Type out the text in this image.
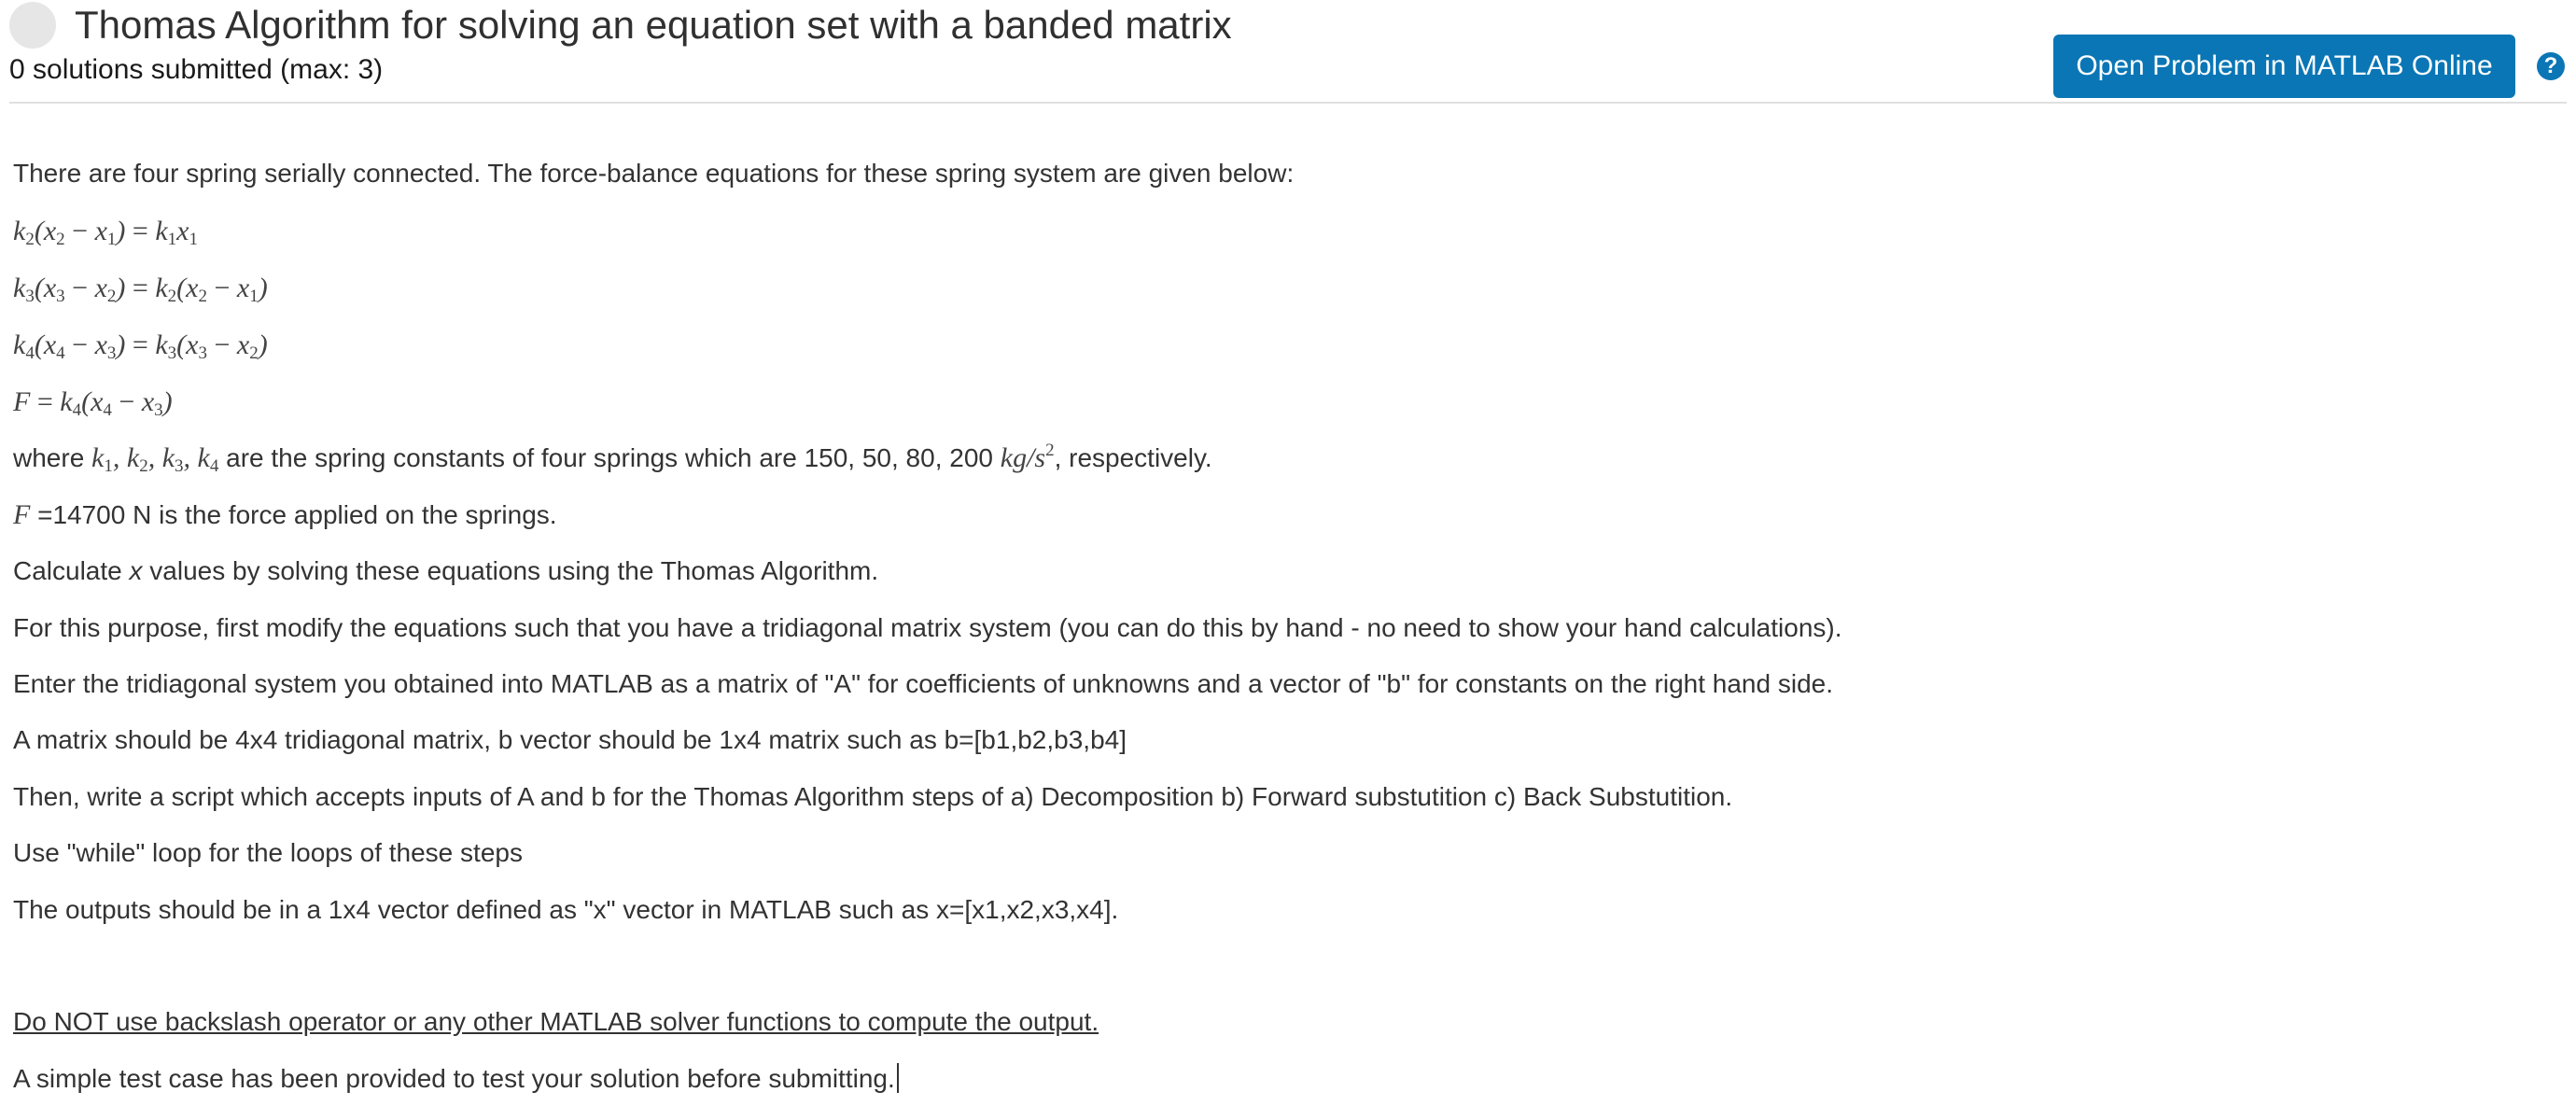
Thomas Algorithm for solving an equation set with a banded matrix
0 solutions submitted (max: 3)	Open Problem in MATLAB Online	?
There are four spring serially connected. The force-balance equations for these spring system are given below:
$k_2(x_2 - x_1) = k_1x_1$
$k_3(x_3 - x_2) = k_2(x_2 - x_1)$
$k_4(x_4 - x_3) = k_3(x_3 - x_2)$
$F = k_4(x_4 - x_3)$
where $k_1$, $k_2$, $k_3$, $k_4$ are the spring constants of four springs which are 150, 50, 80, 200 $kg/s^2$, respectively.
F =14700 N is the force applied on the springs.
Calculate x values by solving these equations using the Thomas Algorithm.
For this purpose, first modify the equations such that you have a tridiagonal matrix system (you can do this by hand - no need to show your hand calculations).
Enter the tridiagonal system you obtained into MATLAB as a matrix of "A" for coefficients of unknowns and a vector of "b" for constants on the right hand side.
A matrix should be 4x4 tridiagonal matrix, b vector should be 1x4 matrix such as b=[b1,b2,b3,b4]
Then, write a script which accepts inputs of A and b for the Thomas Algorithm steps of a) Decomposition b) Forward substutition c) Back Substutition.
Use "while" loop for the loops of these steps
The outputs should be in a 1x4 vector defined as "x" vector in MATLAB such as x=[x1,x2,x3,x4].
Do NOT use backslash operator or any other MATLAB solver functions to compute the output.
A simple test case has been provided to test your solution before submitting.
